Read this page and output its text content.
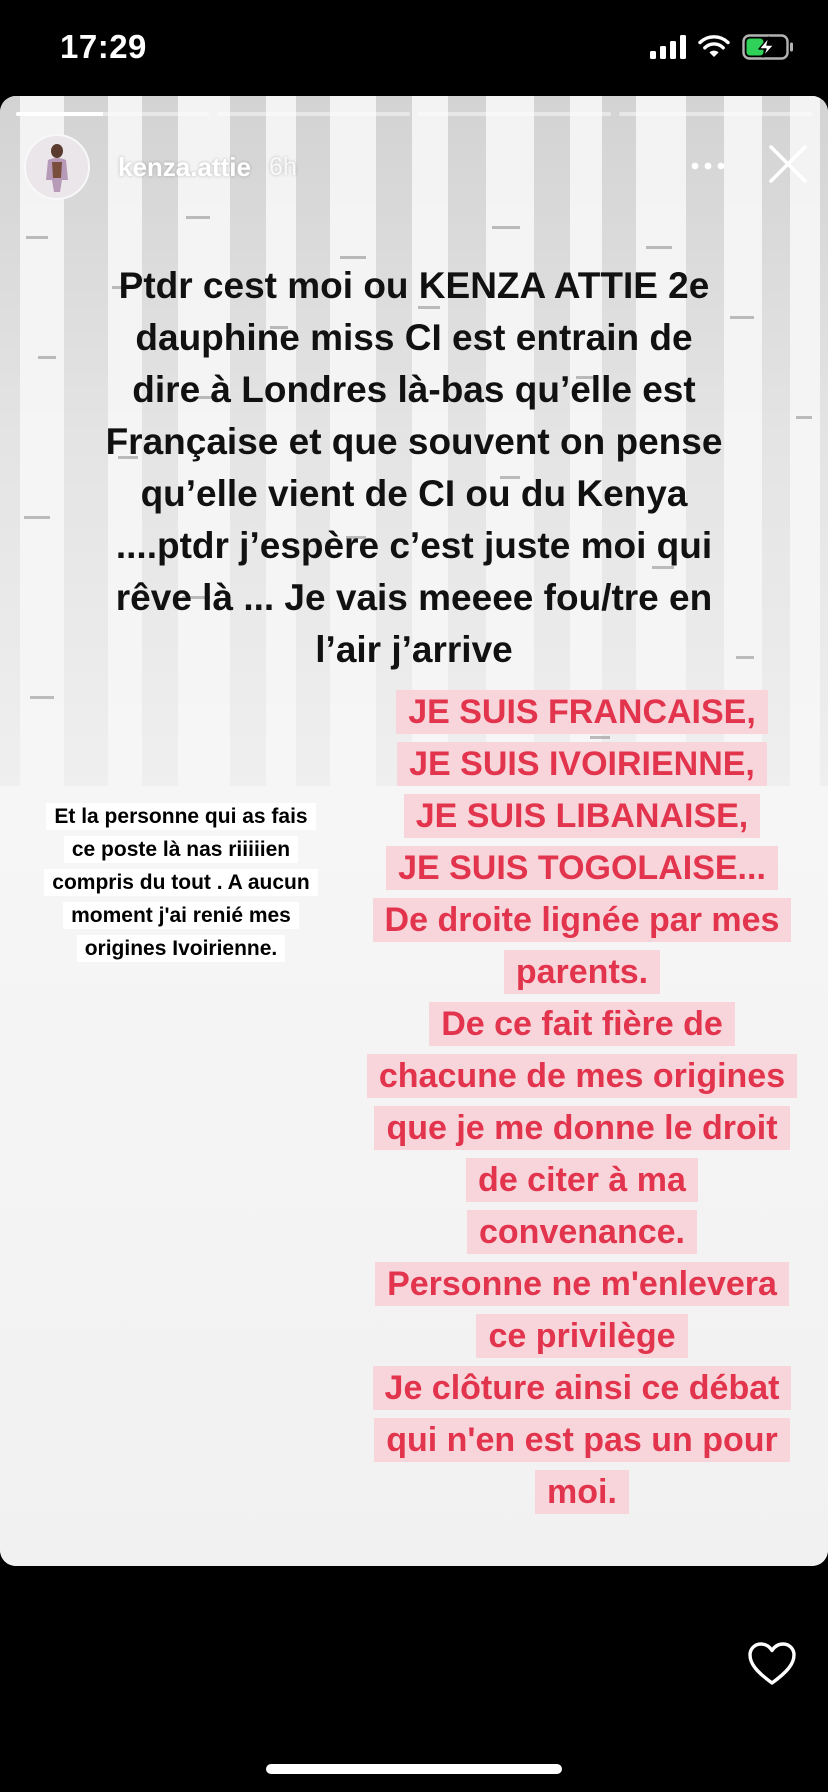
17:29
kenza.attie 6h
Ptdr cest moi ou KENZA ATTIE 2e
dauphine miss CI est entrain de
dire à Londres là-bas qu’elle est
Française et que souvent on pense
qu’elle vient de CI ou du Kenya
....ptdr j’espère c’est juste moi qui
rêve là ... Je vais meeee fou/tre en
l’air j’arrive
Et la personne qui as fais
ce poste là nas riiiiien
compris du tout . A aucun
moment j'ai renié mes
origines Ivoirienne.
JE SUIS FRANCAISE,
JE SUIS IVOIRIENNE,
JE SUIS LIBANAISE,
JE SUIS TOGOLAISE...
De droite lignée par mes
parents.
De ce fait fière de
chacune de mes origines
que je me donne le droit
de citer à ma
convenance.
Personne ne m'enlevera
ce privilège
Je clôture ainsi ce débat
qui n'en est pas un pour
moi.
